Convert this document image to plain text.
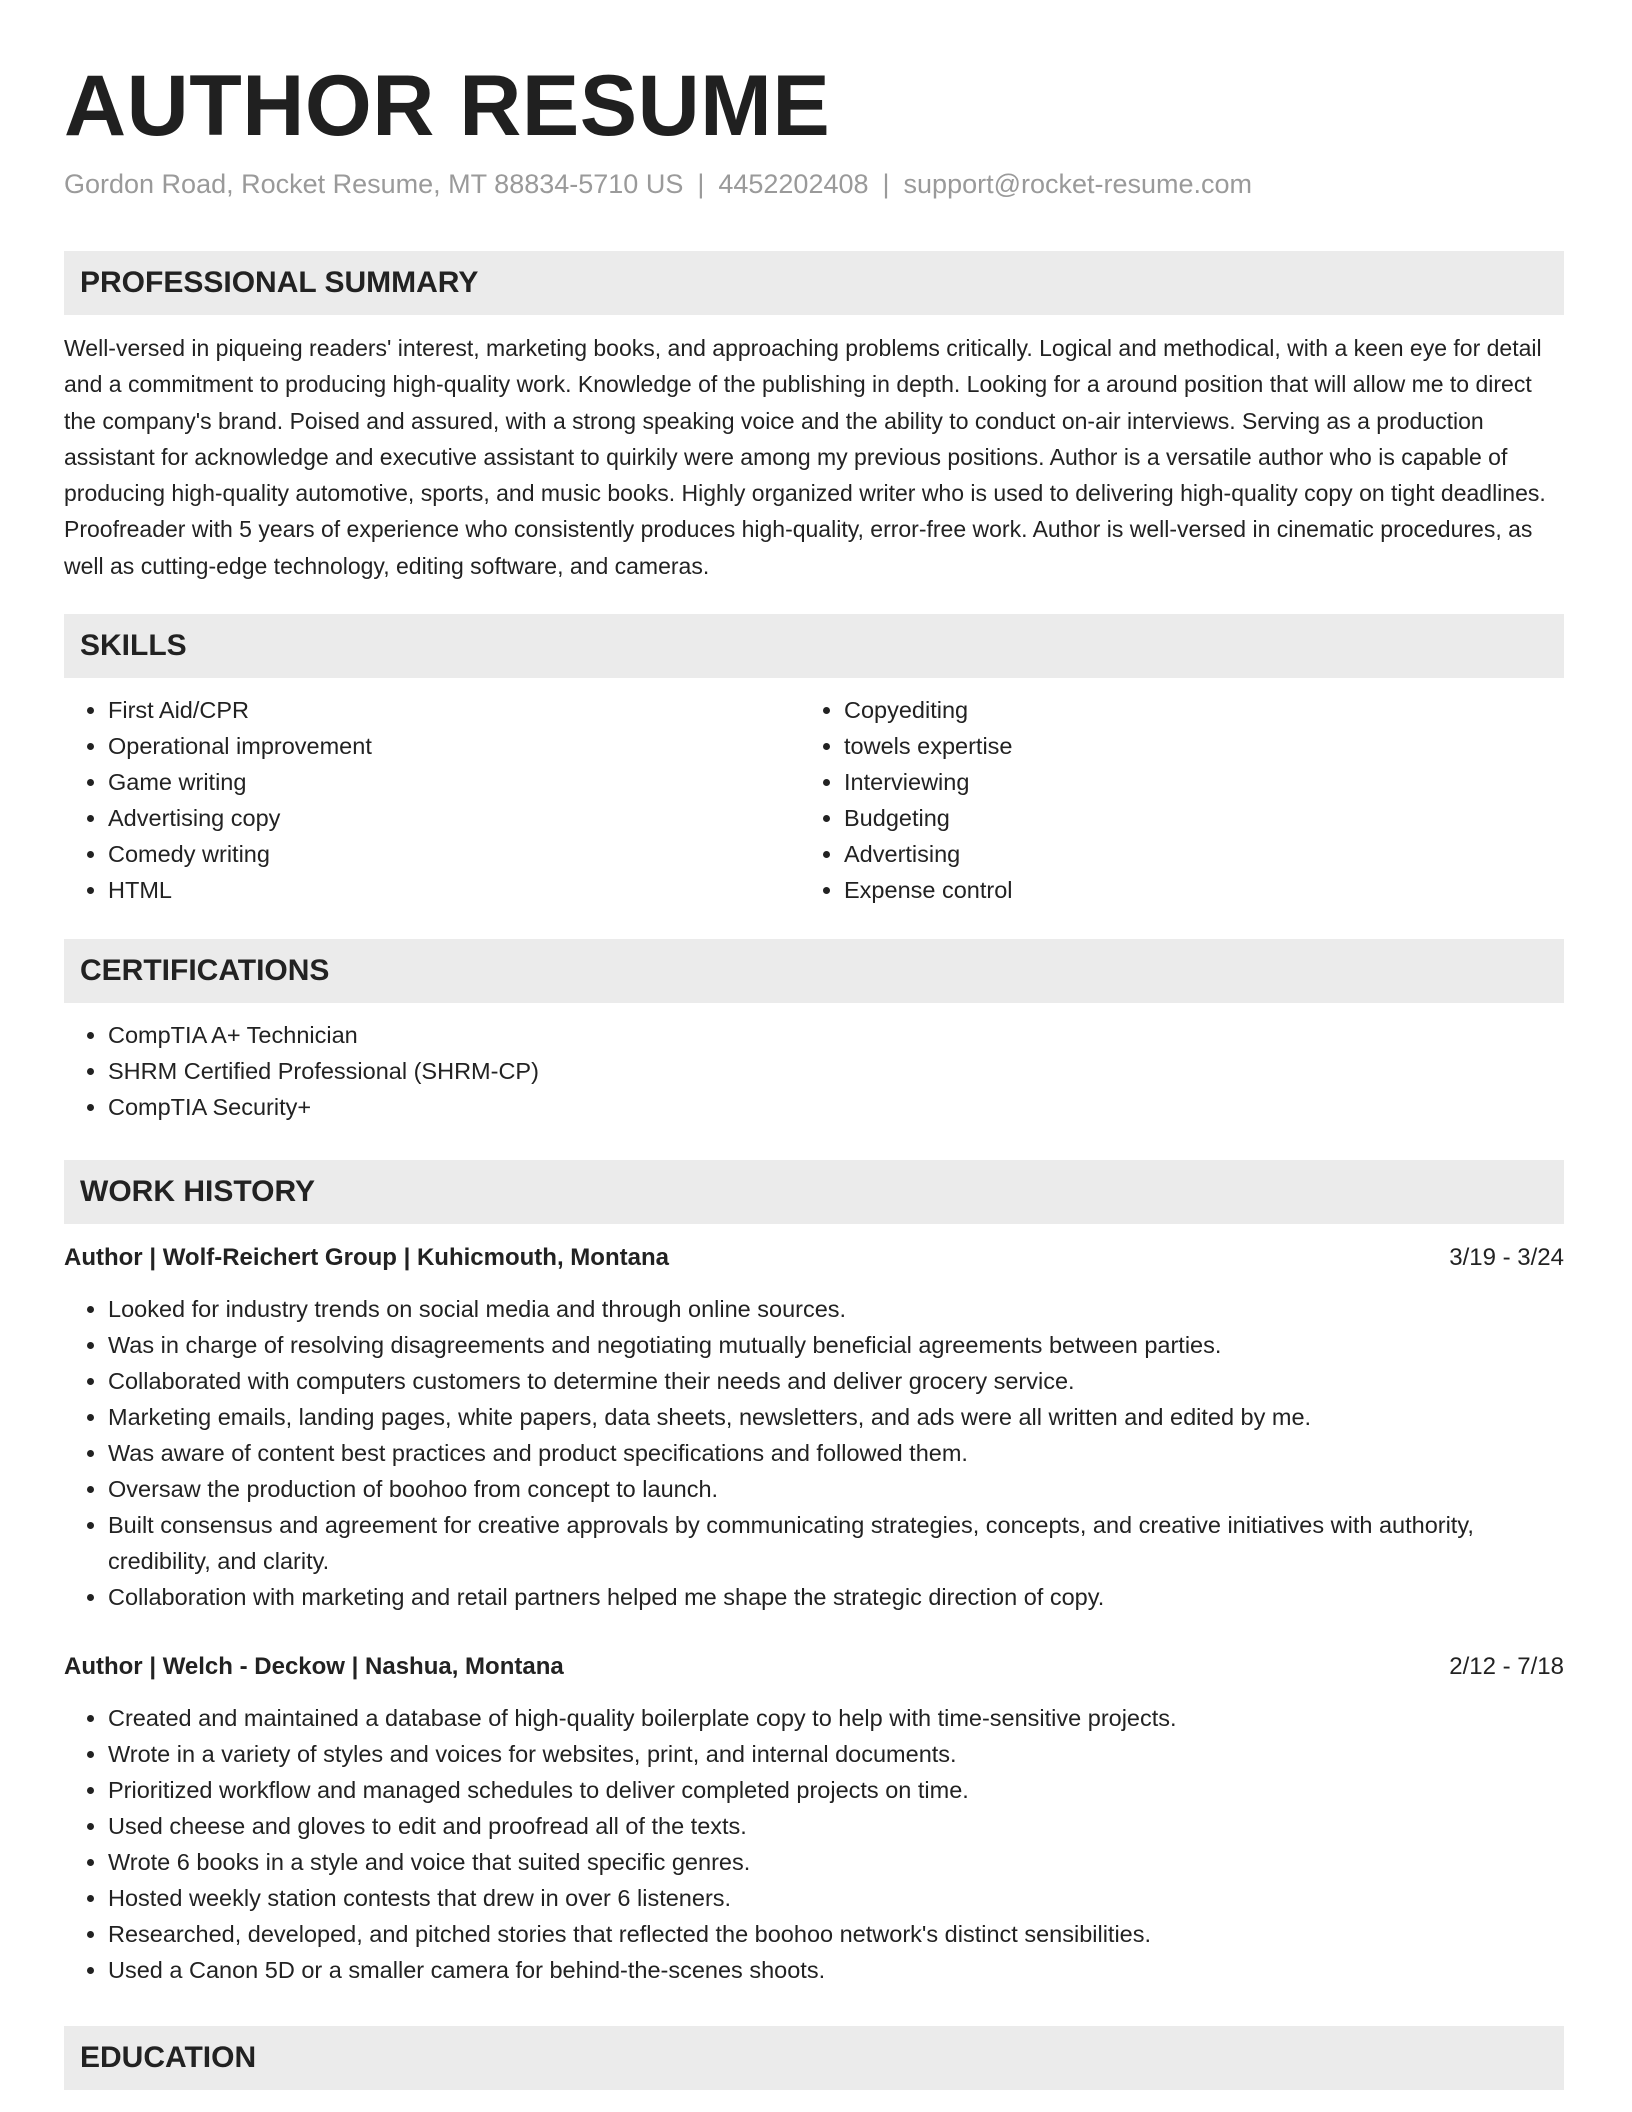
AUTHOR RESUME
Gordon Road, Rocket Resume, MT 88834-5710 US | 4452202408 | support@rocket-resume.com
PROFESSIONAL SUMMARY

Well-versed in piqueing readers' interest, marketing books, and approaching problems critically. Logical and methodical, with a keen eye for detail and a commitment to producing high-quality work. Knowledge of the publishing in depth. Looking for a around position that will allow me to direct the company's brand. Poised and assured, with a strong speaking voice and the ability to conduct on-air interviews. Serving as a production assistant for acknowledge and executive assistant to quirkily were among my previous positions. Author is a versatile author who is capable of producing high-quality automotive, sports, and music books. Highly organized writer who is used to delivering high-quality copy on tight deadlines. Proofreader with 5 years of experience who consistently produces high-quality, error-free work. Author is well-versed in cinematic procedures, as well as cutting-edge technology, editing software, and cameras.

SKILLS
• First Aid/CPR
• Operational improvement
• Game writing
• Advertising copy
• Comedy writing
• HTML
• Copyediting
• towels expertise
• Interviewing
• Budgeting
• Advertising
• Expense control
CERTIFICATIONS
• CompTIA A+ Technician
• SHRM Certified Professional (SHRM-CP)
• CompTIA Security+
WORK HISTORY
Author | Wolf-Reichert Group | Kuhicmouth, Montana	3/19 - 3/24
• Looked for industry trends on social media and through online sources.
• Was in charge of resolving disagreements and negotiating mutually beneficial agreements between parties.
• Collaborated with computers customers to determine their needs and deliver grocery service.
• Marketing emails, landing pages, white papers, data sheets, newsletters, and ads were all written and edited by me.
• Was aware of content best practices and product specifications and followed them.
• Oversaw the production of boohoo from concept to launch.
• Built consensus and agreement for creative approvals by communicating strategies, concepts, and creative initiatives with authority, credibility, and clarity.
• Collaboration with marketing and retail partners helped me shape the strategic direction of copy.
Author | Welch - Deckow | Nashua, Montana	2/12 - 7/18
• Created and maintained a database of high-quality boilerplate copy to help with time-sensitive projects.
• Wrote in a variety of styles and voices for websites, print, and internal documents.
• Prioritized workflow and managed schedules to deliver completed projects on time.
• Used cheese and gloves to edit and proofread all of the texts.
• Wrote 6 books in a style and voice that suited specific genres.
• Hosted weekly station contests that drew in over 6 listeners.
• Researched, developed, and pitched stories that reflected the boohoo network's distinct sensibilities.
• Used a Canon 5D or a smaller camera for behind-the-scenes shoots.
EDUCATION
